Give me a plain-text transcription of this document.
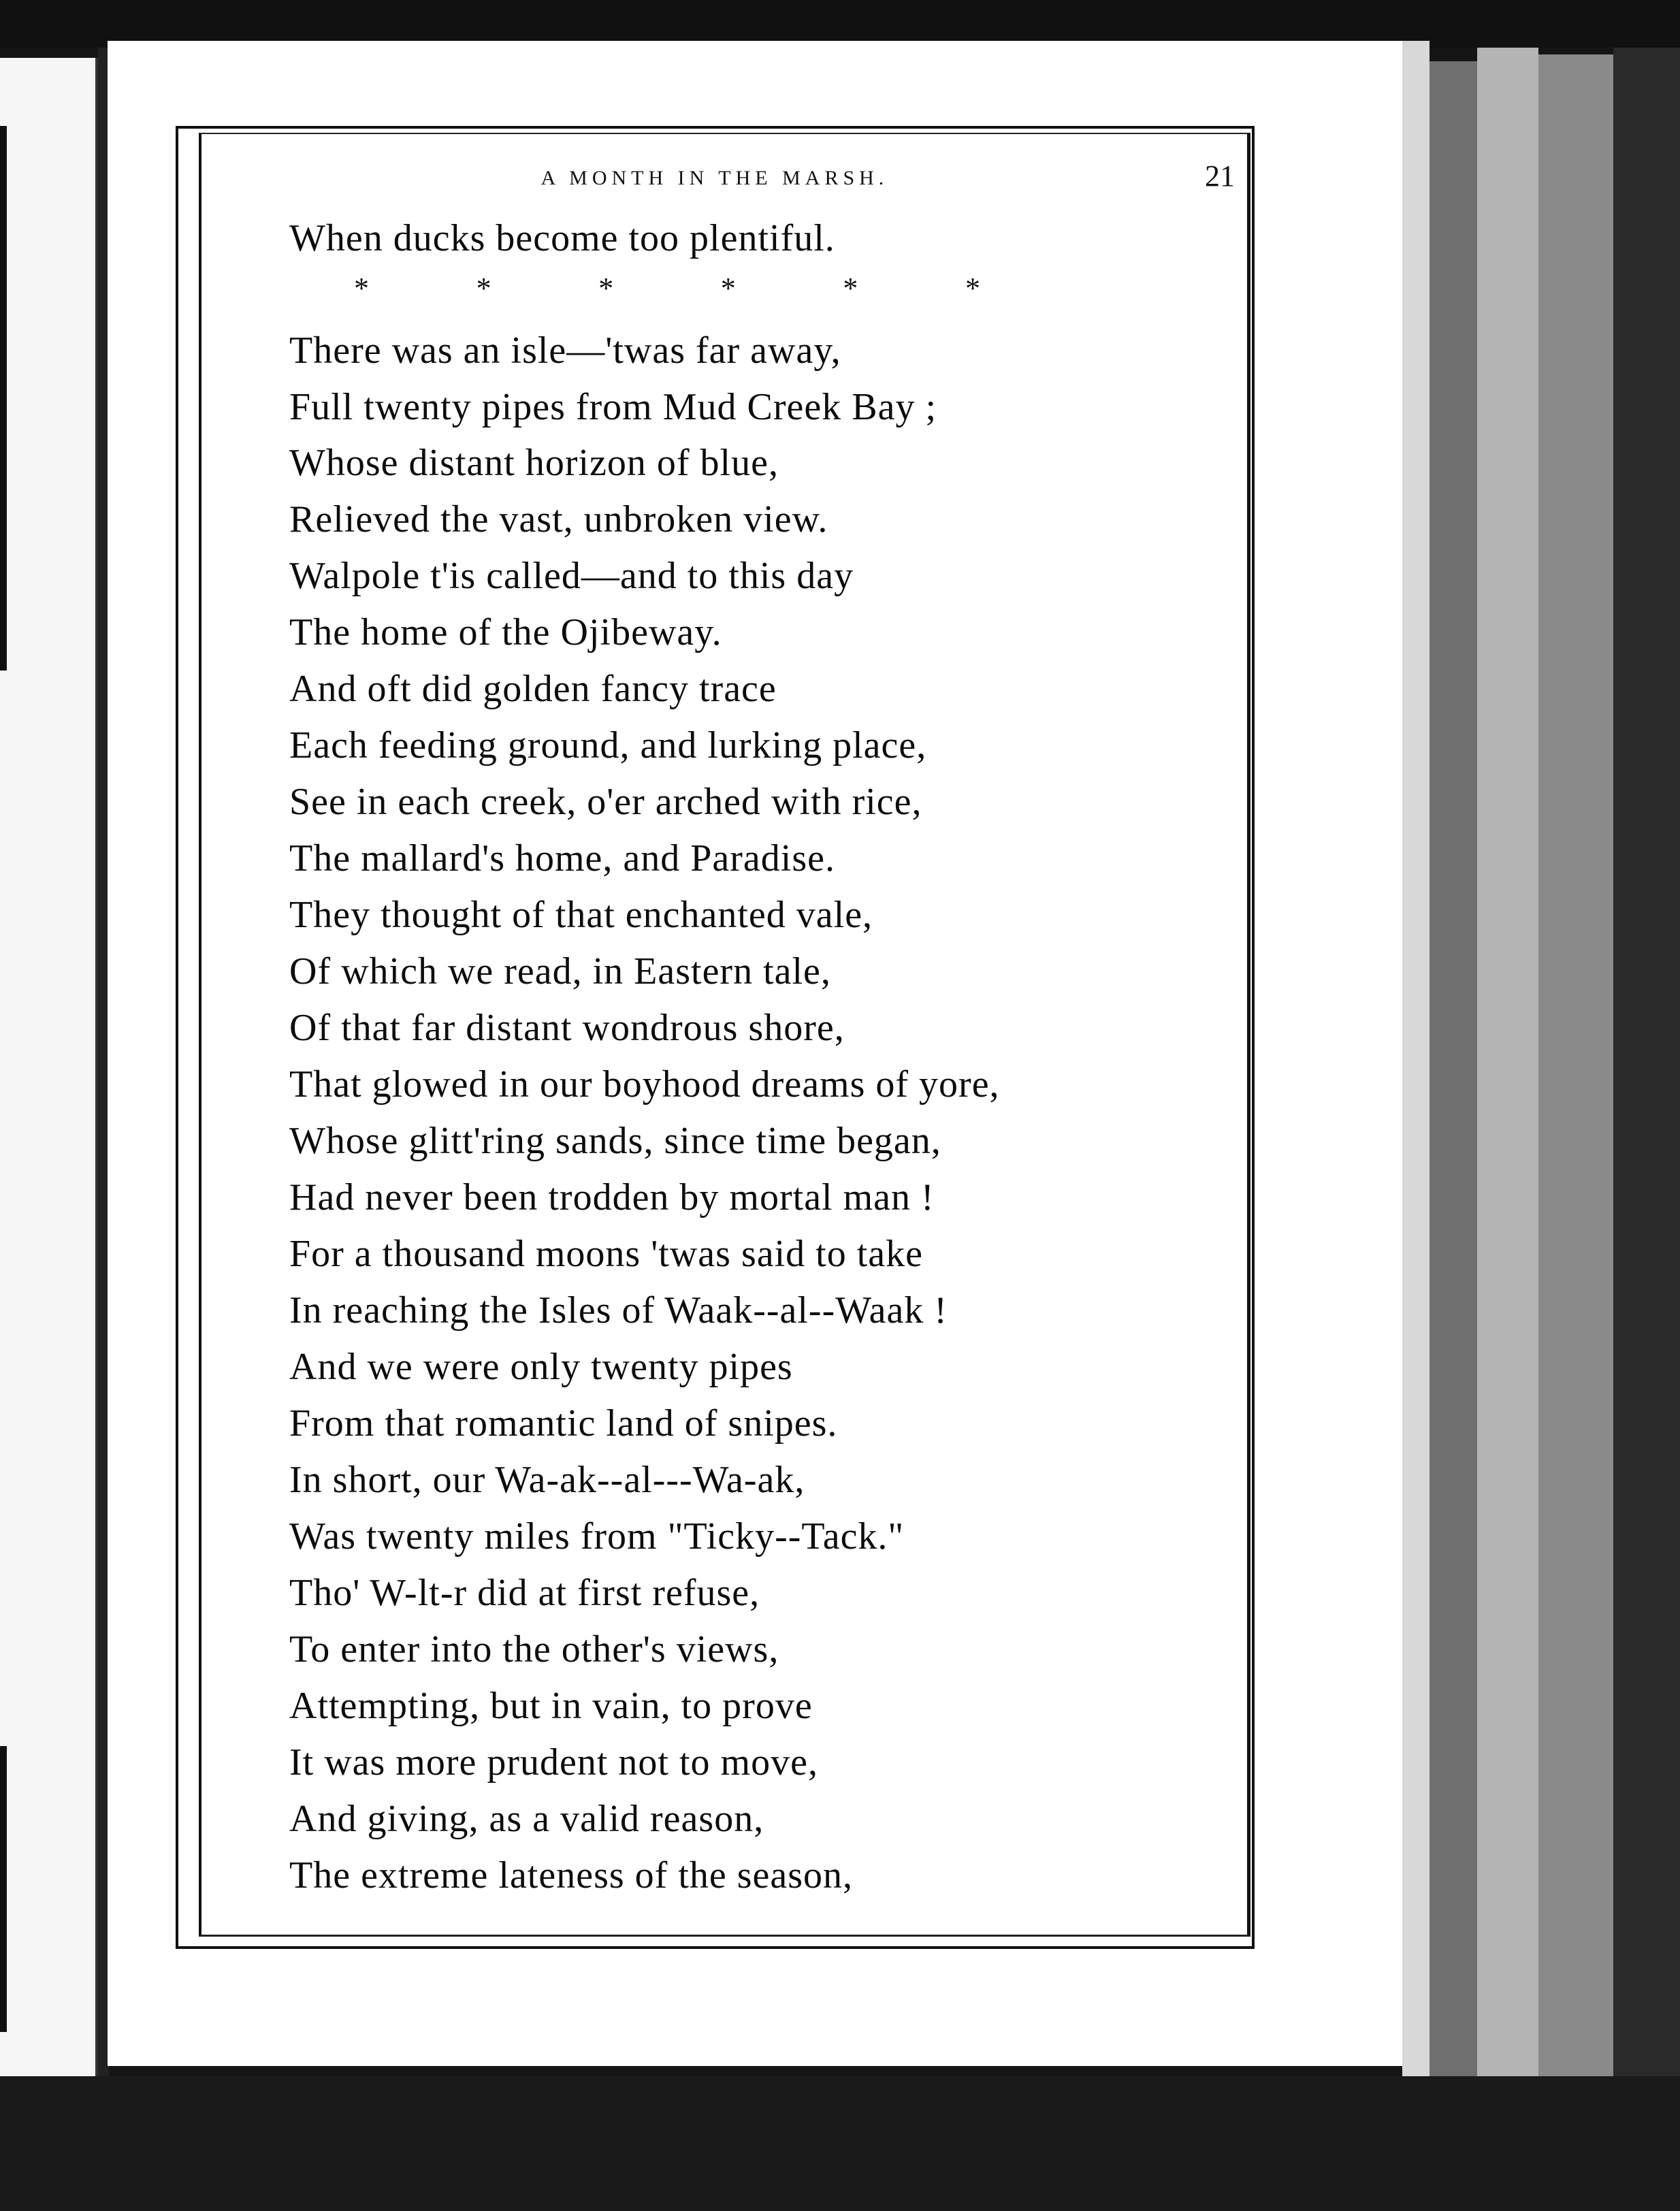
A MONTH IN THE MARSH.	21
*	*	*	*	*	*
When ducks become too plentiful.
There was an isle—'twas far away,
Full twenty pipes from Mud Creek Bay ;
Whose distant horizon of blue,
Relieved the vast, unbroken view.
Walpole t'is called—and to this day
The home of the Ojibeway.
And oft did golden fancy trace
Each feeding ground, and lurking place,
See in each creek, o'er arched with rice,
The mallard's home, and Paradise.
They thought of that enchanted vale,
Of which we read, in Eastern tale,
Of that far distant wondrous shore,
That glowed in our boyhood dreams of yore,
Whose glitt'ring sands, since time began,
Had never been trodden by mortal man !
For a thousand moons 'twas said to take
In reaching the Isles of Waak--al--Waak !
And we were only twenty pipes
From that romantic land of snipes.
In short, our Wa-ak--al---Wa-ak,
Was twenty miles from "Ticky--Tack."
Tho' W-lt-r did at first refuse,
To enter into the other's views,
Attempting, but in vain, to prove
It was more prudent not to move,
And giving, as a valid reason,
The extreme lateness of the season,
